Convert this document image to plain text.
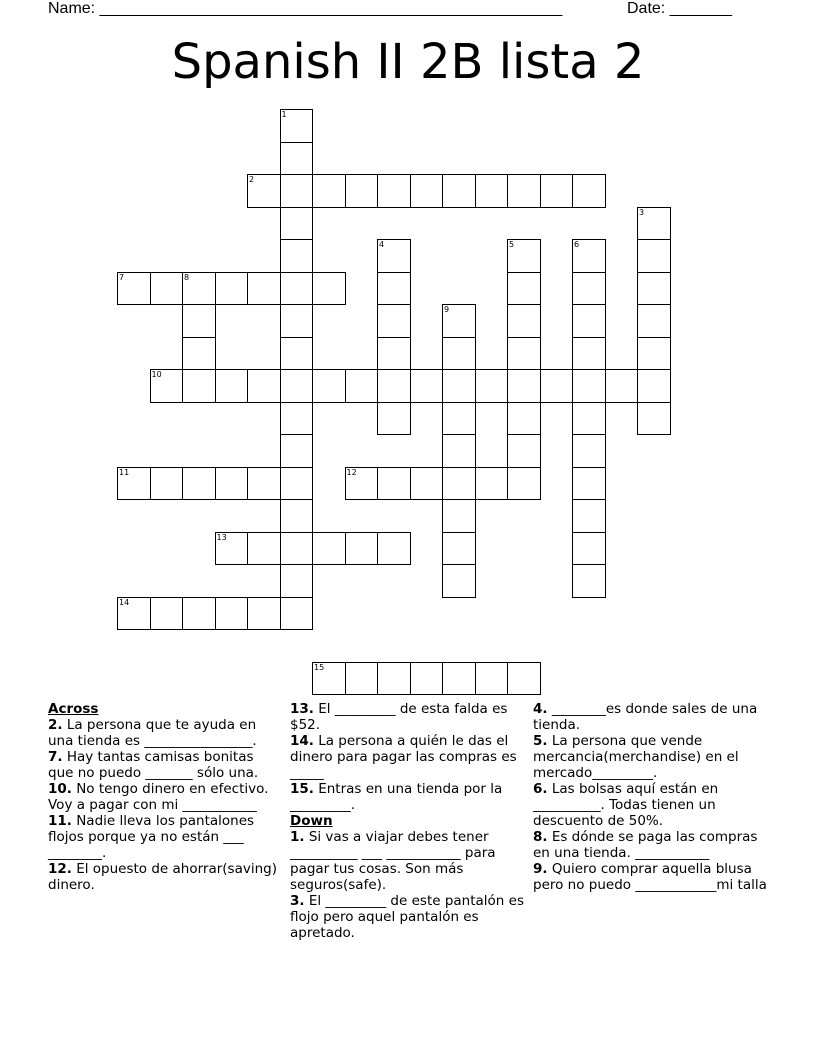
Name: ____________________________________________________	Date: _______
Spanish II 2B lista 2
2
7	8
10
11	12
13
14
15
1
3
4	5	6
9

Across

2. La persona que te ayuda en una tienda es ________________.

7. Hay tantas camisas bonitas que no puedo _______ sólo una.

10. No tengo dinero en efectivo. Voy a pagar con mi ___________

11. Nadie lleva los pantalones flojos porque ya no están ___ ________.

12. El opuesto de ahorrar(saving) dinero.

13. El _________ de esta falda es $52.

14. La persona a quién le das el dinero para pagar las compras es _____

15. Entras en una tienda por la _________.

Down

1. Si vas a viajar debes tener __________ ___ ___________ para pagar tus cosas. Son más seguros(safe).

3. El _________ de este pantalón es flojo pero aquel pantalón es apretado.

4. ________es donde sales de una tienda.

5. La persona que vende mercancia(merchandise) en el mercado_________.

6. Las bolsas aquí están en __________. Todas tienen un descuento de 50%.

8. Es dónde se paga las compras en una tienda. ___________

9. Quiero comprar aquella blusa pero no puedo ____________mi talla
